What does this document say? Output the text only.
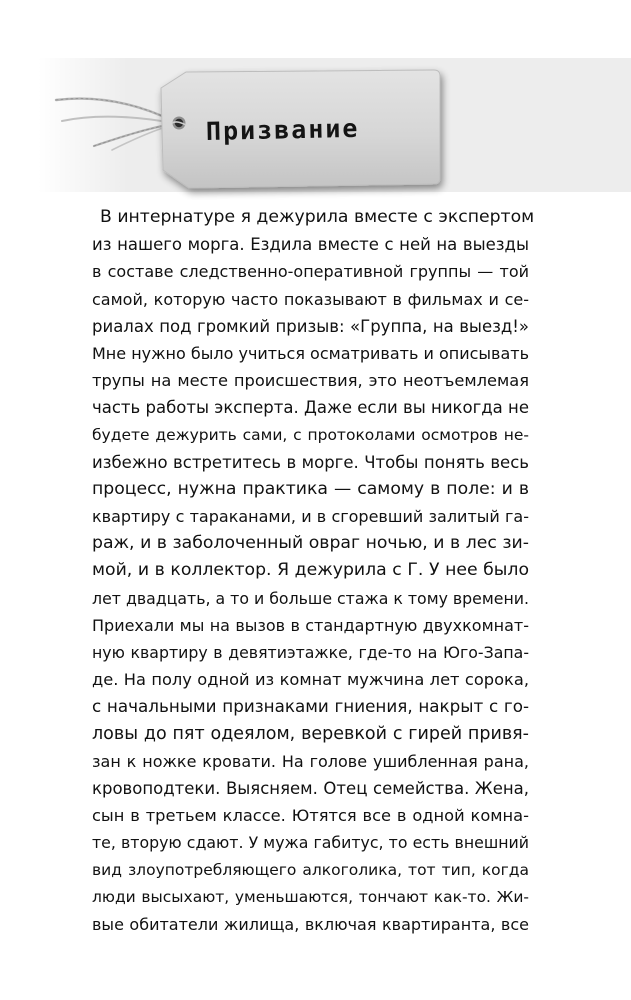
Призвание
В интернатуре я дежурила вместе с экспертом
из нашего морга. Ездила вместе с ней на выезды
в составе следственно-оперативной группы — той
самой, которую часто показывают в фильмах и се-
риалах под громкий призыв: «Группа, на выезд!»
Мне нужно было учиться осматривать и описывать
трупы на месте происшествия, это неотъемлемая
часть работы эксперта. Даже если вы никогда не
будете дежурить сами, с протоколами осмотров не-
избежно встретитесь в морге. Чтобы понять весь
процесс, нужна практика — самому в поле: и в
квартиру с тараканами, и в сгоревший залитый га-
раж, и в заболоченный овраг ночью, и в лес зи-
мой, и в коллектор. Я дежурила с Г. У нее было
лет двадцать, а то и больше стажа к тому времени.
Приехали мы на вызов в стандартную двухкомнат-
ную квартиру в девятиэтажке, где-то на Юго-Запа-
де. На полу одной из комнат мужчина лет сорока,
с начальными признаками гниения, накрыт с го-
ловы до пят одеялом, веревкой с гирей привя-
зан к ножке кровати. На голове ушибленная рана,
кровоподтеки. Выясняем. Отец семейства. Жена,
сын в третьем классе. Ютятся все в одной комна-
те, вторую сдают. У мужа габитус, то есть внешний
вид злоупотребляющего алкоголика, тот тип, когда
люди высыхают, уменьшаются, тончают как-то. Жи-
вые обитатели жилища, включая квартиранта, все
